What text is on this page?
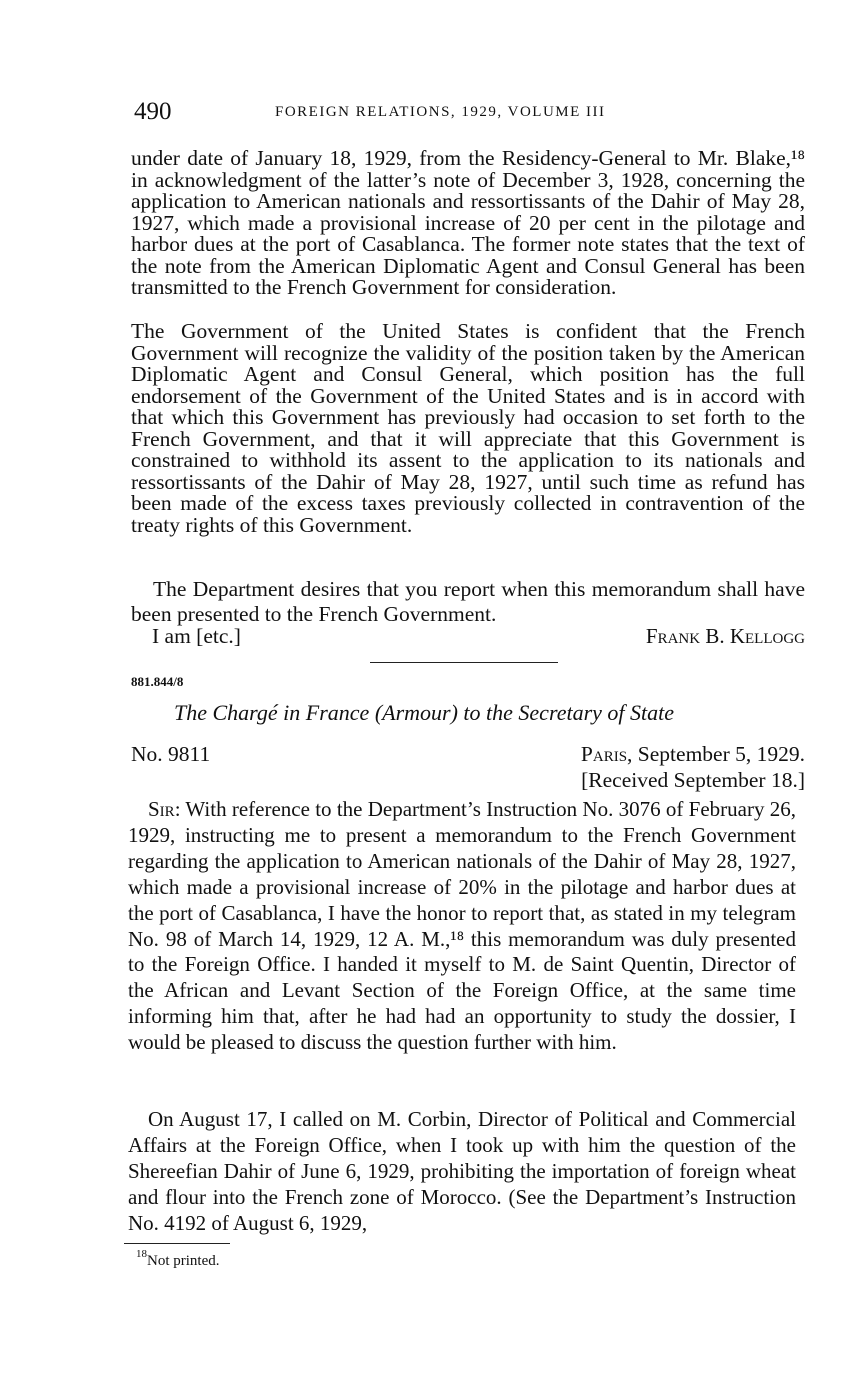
490	FOREIGN RELATIONS, 1929, VOLUME III

under date of January 18, 1929, from the Residency-General to Mr. Blake,¹⁸ in acknowledgment of the latter’s note of December 3, 1928, concerning the application to American nationals and ressortissants of the Dahir of May 28, 1927, which made a provisional increase of 20 per cent in the pilotage and harbor dues at the port of Casablanca. The former note states that the text of the note from the American Diplomatic Agent and Consul General has been transmitted to the French Government for consideration.

The Government of the United States is confident that the French Government will recognize the validity of the position taken by the American Diplomatic Agent and Consul General, which position has the full endorsement of the Government of the United States and is in accord with that which this Government has previously had occasion to set forth to the French Government, and that it will appreciate that this Government is constrained to withhold its assent to the application to its nationals and ressortissants of the Dahir of May 28, 1927, until such time as refund has been made of the excess taxes previously collected in contravention of the treaty rights of this Government.

The Department desires that you report when this memorandum shall have been presented to the French Government.

I am [etc.]	Frank B. Kellogg
881.844/8
The Chargé in France (Armour) to the Secretary of State
No. 9811	Paris, September 5, 1929.
[Received September 18.]

Sir: With reference to the Department’s Instruction No. 3076 of February 26, 1929, instructing me to present a memorandum to the French Government regarding the application to American nationals of the Dahir of May 28, 1927, which made a provisional increase of 20% in the pilotage and harbor dues at the port of Casablanca, I have the honor to report that, as stated in my telegram No. 98 of March 14, 1929, 12 A. M.,¹⁸ this memorandum was duly presented to the Foreign Office. I handed it myself to M. de Saint Quentin, Director of the African and Levant Section of the Foreign Office, at the same time informing him that, after he had had an opportunity to study the dossier, I would be pleased to discuss the question further with him.

On August 17, I called on M. Corbin, Director of Political and Commercial Affairs at the Foreign Office, when I took up with him the question of the Shereefian Dahir of June 6, 1929, prohibiting the importation of foreign wheat and flour into the French zone of Morocco. (See the Department’s Instruction No. 4192 of August 6, 1929,

$^{18}$Not printed.
